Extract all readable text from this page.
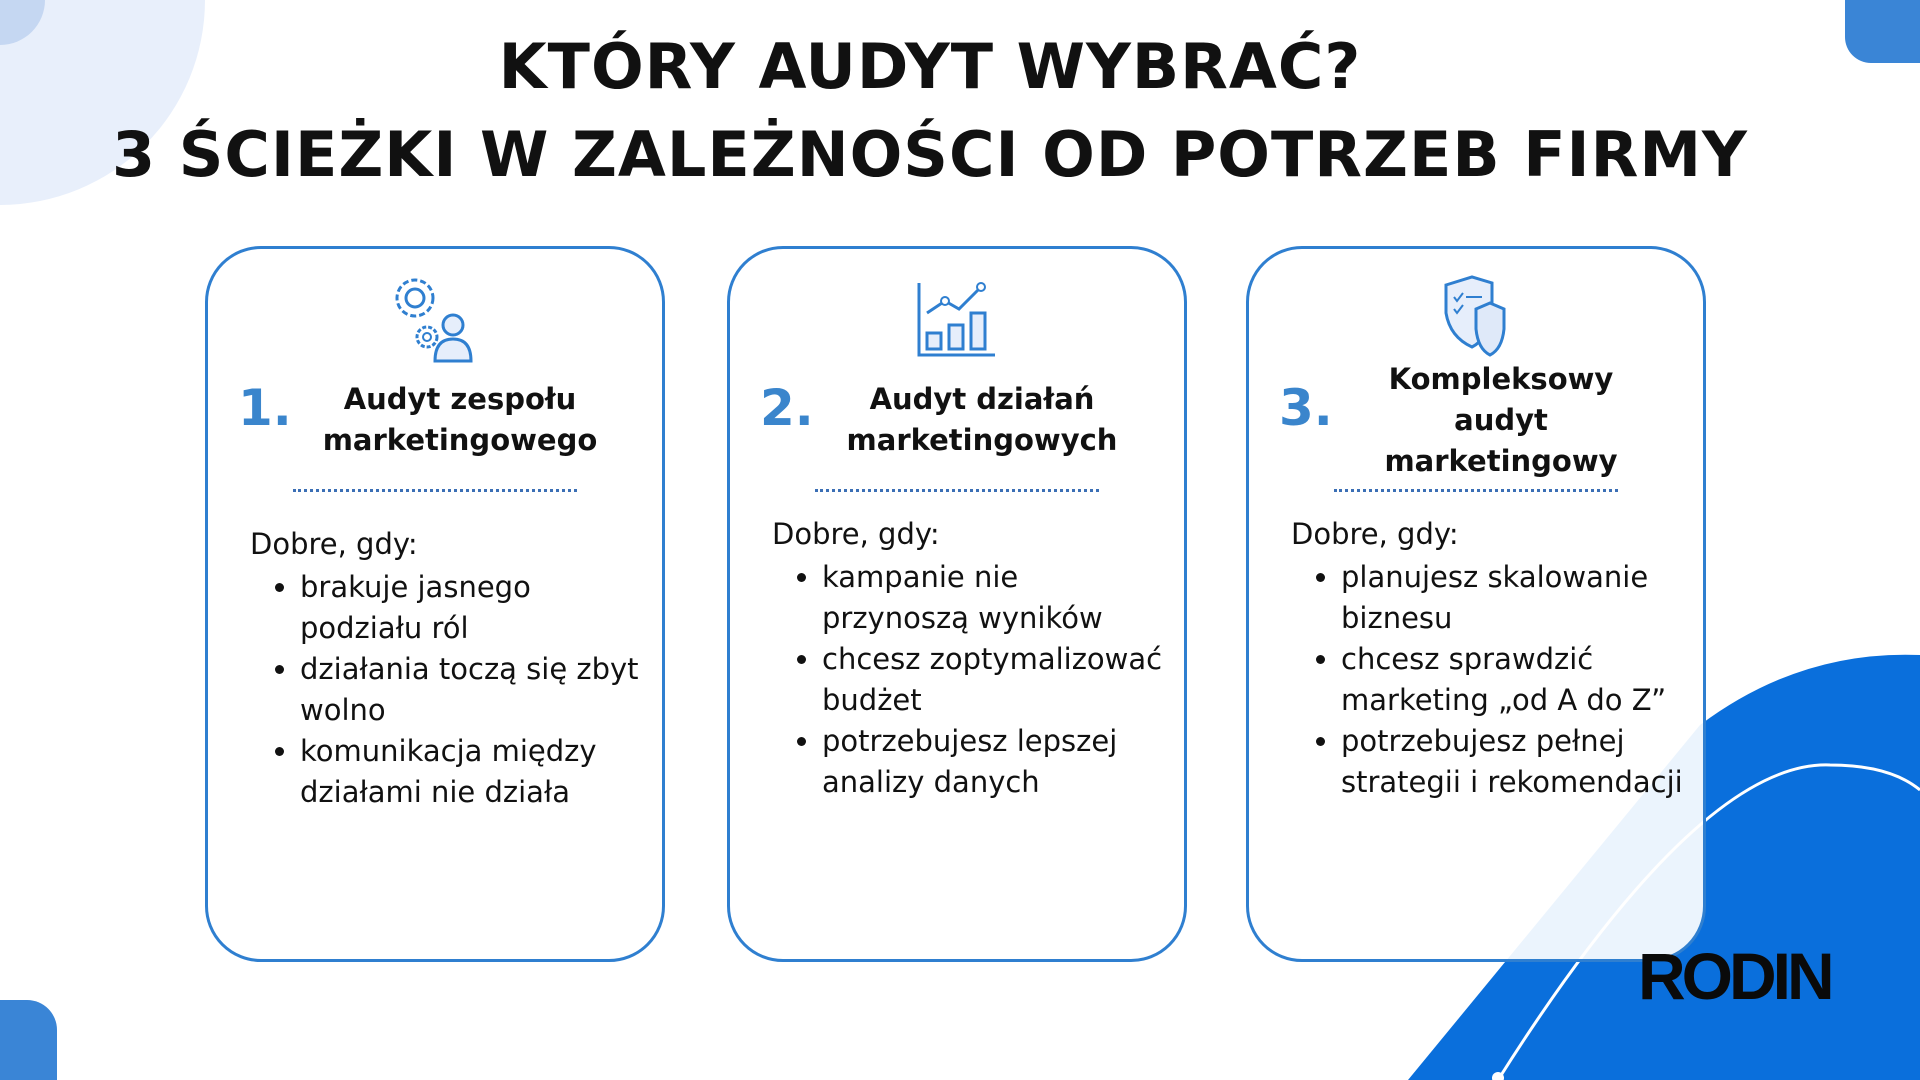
KTÓRY AUDYT WYBRAĆ?
3 ŚCIEŻKI W ZALEŻNOŚCI OD POTRZEB FIRMY
1.	Audyt zespołu marketingowego
Dobre, gdy:
• brakuje jasnego podziału ról
• działania toczą się zbyt wolno
• komunikacja między działami nie działa
2.	Audyt działań marketingowych
Dobre, gdy:
• kampanie nie przynoszą wyników
• chcesz zoptymalizować budżet
• potrzebujesz lepszej analizy danych
3.	Kompleksowy audyt marketingowy
Dobre, gdy:
• planujesz skalowanie biznesu
• chcesz sprawdzić marketing „od A do Z”
• potrzebujesz pełnej strategii i rekomendacji
RODIN
